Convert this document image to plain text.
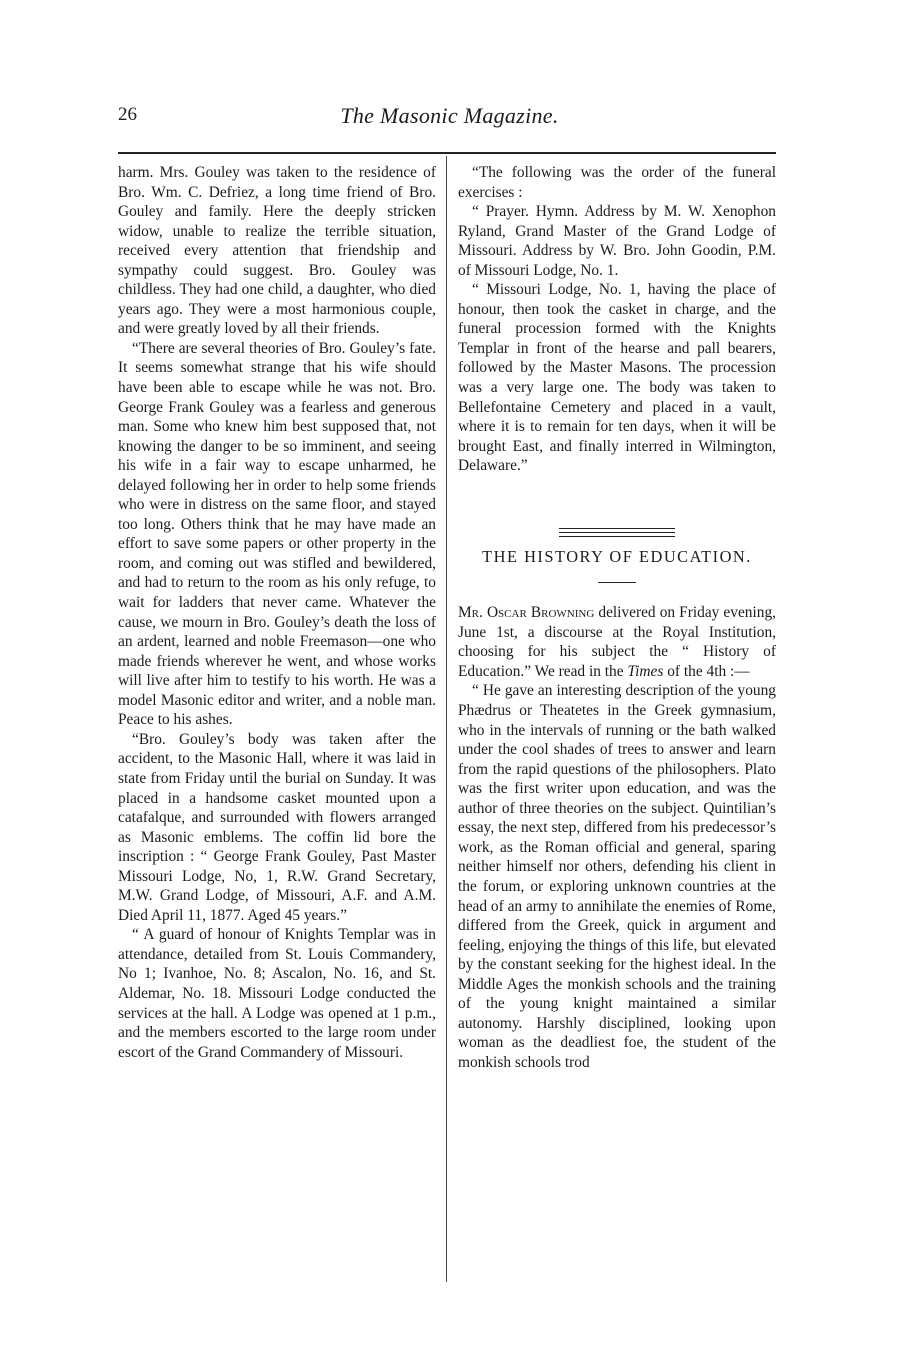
26	The Masonic Magazine.

harm. Mrs. Gouley was taken to the residence of Bro. Wm. C. Defriez, a long time friend of Bro. Gouley and family. Here the deeply stricken widow, unable to realize the terrible situation, received every attention that friendship and sympathy could suggest. Bro. Gouley was childless. They had one child, a daughter, who died years ago. They were a most harmonious couple, and were greatly loved by all their friends.

“There are several theories of Bro. Gouley’s fate. It seems somewhat strange that his wife should have been able to escape while he was not. Bro. George Frank Gouley was a fearless and generous man. Some who knew him best supposed that, not knowing the danger to be so imminent, and seeing his wife in a fair way to escape unharmed, he delayed following her in order to help some friends who were in distress on the same floor, and stayed too long. Others think that he may have made an effort to save some papers or other property in the room, and coming out was stifled and bewildered, and had to return to the room as his only refuge, to wait for ladders that never came. Whatever the cause, we mourn in Bro. Gouley’s death the loss of an ardent, learned and noble Freemason—one who made friends wherever he went, and whose works will live after him to testify to his worth. He was a model Masonic editor and writer, and a noble man. Peace to his ashes.

“Bro. Gouley’s body was taken after the accident, to the Masonic Hall, where it was laid in state from Friday until the burial on Sunday. It was placed in a handsome casket mounted upon a catafalque, and surrounded with flowers arranged as Masonic emblems. The coffin lid bore the inscription : “ George Frank Gouley, Past Master Missouri Lodge, No, 1, R.W. Grand Secretary, M.W. Grand Lodge, of Missouri, A.F. and A.M. Died April 11, 1877. Aged 45 years.”

“ A guard of honour of Knights Templar was in attendance, detailed from St. Louis Commandery, No 1; Ivanhoe, No. 8; Ascalon, No. 16, and St. Aldemar, No. 18. Missouri Lodge conducted the services at the hall. A Lodge was opened at 1 p.m., and the members escorted to the large room under escort of the Grand Commandery of Missouri.

“The following was the order of the funeral exercises :

“ Prayer. Hymn. Address by M. W. Xenophon Ryland, Grand Master of the Grand Lodge of Missouri. Address by W. Bro. John Goodin, P.M. of Missouri Lodge, No. 1.

“ Missouri Lodge, No. 1, having the place of honour, then took the casket in charge, and the funeral procession formed with the Knights Templar in front of the hearse and pall bearers, followed by the Master Masons. The procession was a very large one. The body was taken to Bellefontaine Cemetery and placed in a vault, where it is to remain for ten days, when it will be brought East, and finally interred in Wilmington, Delaware.”

THE HISTORY OF EDUCATION.

Mr. Oscar Browning delivered on Friday evening, June 1st, a discourse at the Royal Institution, choosing for his subject the “ History of Education.” We read in the Times of the 4th :—

“ He gave an interesting description of the young Phædrus or Theatetes in the Greek gymnasium, who in the intervals of running or the bath walked under the cool shades of trees to answer and learn from the rapid questions of the philosophers. Plato was the first writer upon education, and was the author of three theories on the subject. Quintilian’s essay, the next step, differed from his predecessor’s work, as the Roman official and general, sparing neither himself nor others, defending his client in the forum, or exploring unknown countries at the head of an army to annihilate the enemies of Rome, differed from the Greek, quick in argument and feeling, enjoying the things of this life, but elevated by the constant seeking for the highest ideal. In the Middle Ages the monkish schools and the training of the young knight maintained a similar autonomy. Harshly disciplined, looking upon woman as the deadliest foe, the student of the monkish schools trod
